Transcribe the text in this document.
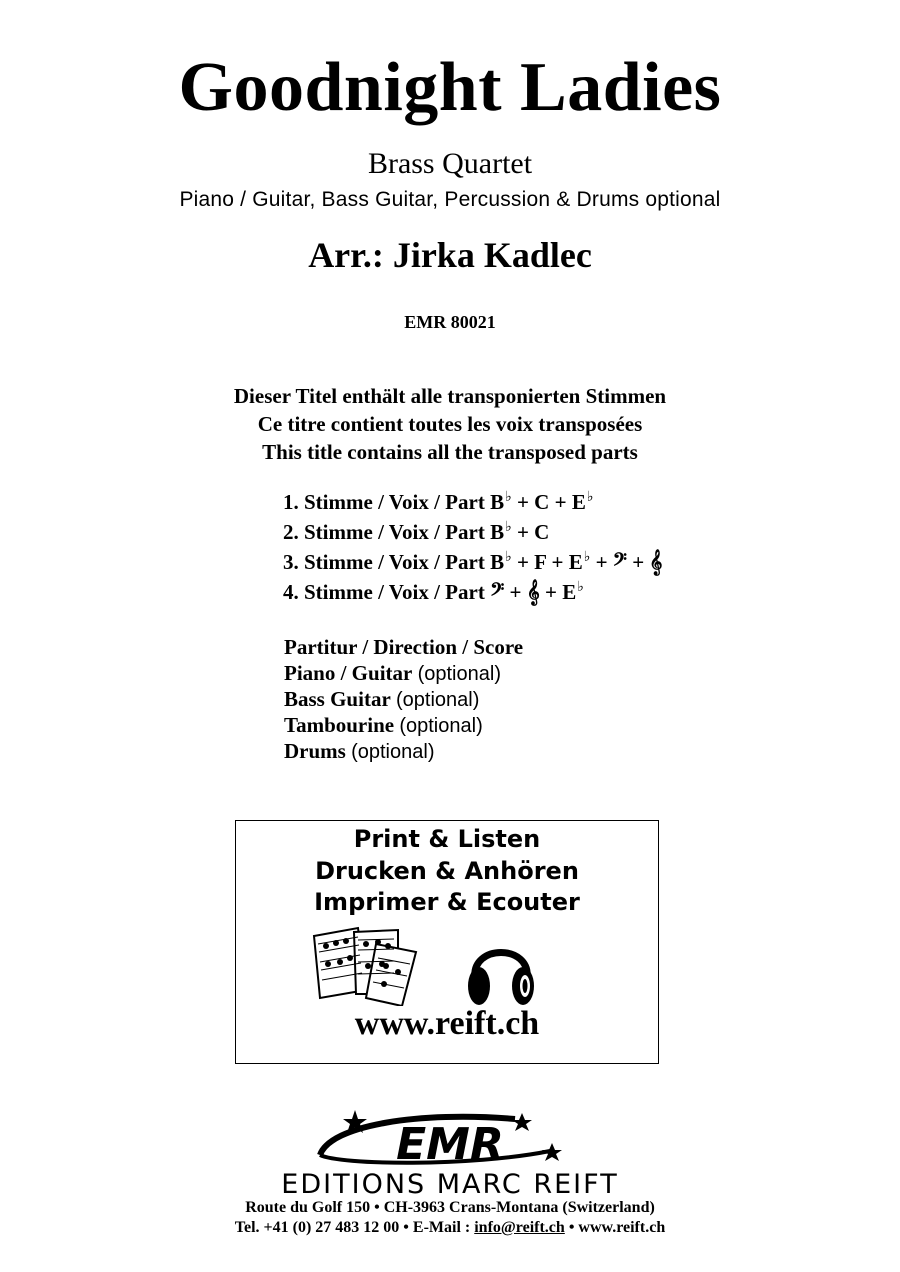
Goodnight Ladies
Brass Quartet
Piano / Guitar, Bass Guitar, Percussion & Drums optional
Arr.: Jirka Kadlec
EMR 80021
Dieser Titel enthält alle transponierten Stimmen
Ce titre contient toutes les voix transposées
This title contains all the transposed parts
1. Stimme / Voix / Part B♭ + C + E♭
2. Stimme / Voix / Part B♭ + C
3. Stimme / Voix / Part B♭ + F + E♭ + 𝄢 + 𝄞
4. Stimme / Voix / Part 𝄢 + 𝄞 + E♭
Partitur / Direction / Score
Piano / Guitar (optional)
Bass Guitar (optional)
Tambourine (optional)
Drums (optional)
Print & Listen
Drucken & Anhören
Imprimer & Ecouter
www.reift.ch
EMR
EDITIONS MARC REIFT
Route du Golf 150 • CH-3963 Crans-Montana (Switzerland)
Tel. +41 (0) 27 483 12 00 • E-Mail : info@reift.ch • www.reift.ch
